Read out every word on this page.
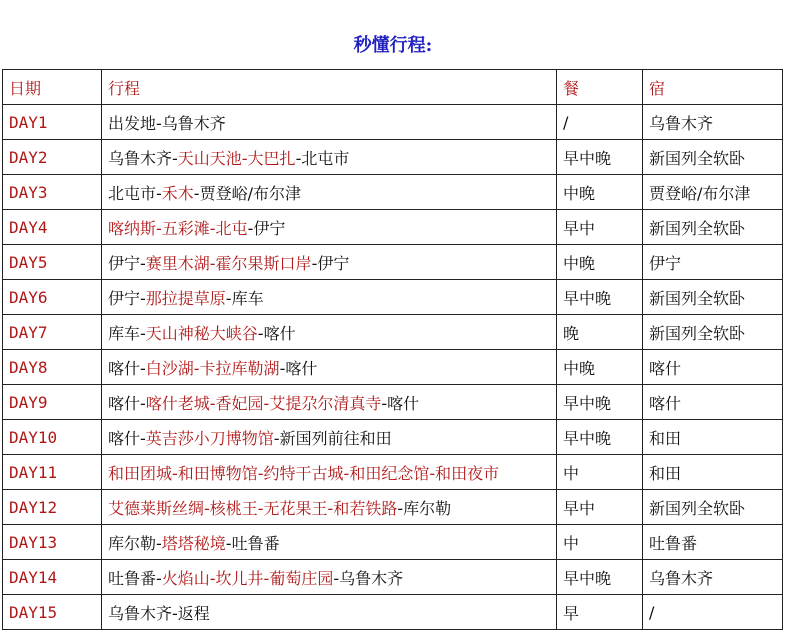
秒懂行程:
日期	行程	餐	宿
DAY1	出发地-乌鲁木齐	/	乌鲁木齐
DAY2	乌鲁木齐-天山天池-大巴扎-北屯市	早中晚	新国列全软卧
DAY3	北屯市-禾木-贾登峪/布尔津	中晚	贾登峪/布尔津
DAY4	喀纳斯-五彩滩-北屯-伊宁	早中	新国列全软卧
DAY5	伊宁-赛里木湖-霍尔果斯口岸-伊宁	中晚	伊宁
DAY6	伊宁-那拉提草原-库车	早中晚	新国列全软卧
DAY7	库车-天山神秘大峡谷-喀什	晚	新国列全软卧
DAY8	喀什-白沙湖-卡拉库勒湖-喀什	中晚	喀什
DAY9	喀什-喀什老城-香妃园-艾提尕尔清真寺-喀什	早中晚	喀什
DAY10	喀什-英吉莎小刀博物馆-新国列前往和田	早中晚	和田
DAY11	和田团城-和田博物馆-约特干古城-和田纪念馆-和田夜市	中	和田
DAY12	艾德莱斯丝绸-核桃王-无花果王-和若铁路-库尔勒	早中	新国列全软卧
DAY13	库尔勒-塔塔秘境-吐鲁番	中	吐鲁番
DAY14	吐鲁番-火焰山-坎儿井-葡萄庄园-乌鲁木齐	早中晚	乌鲁木齐
DAY15	乌鲁木齐-返程	早	/
